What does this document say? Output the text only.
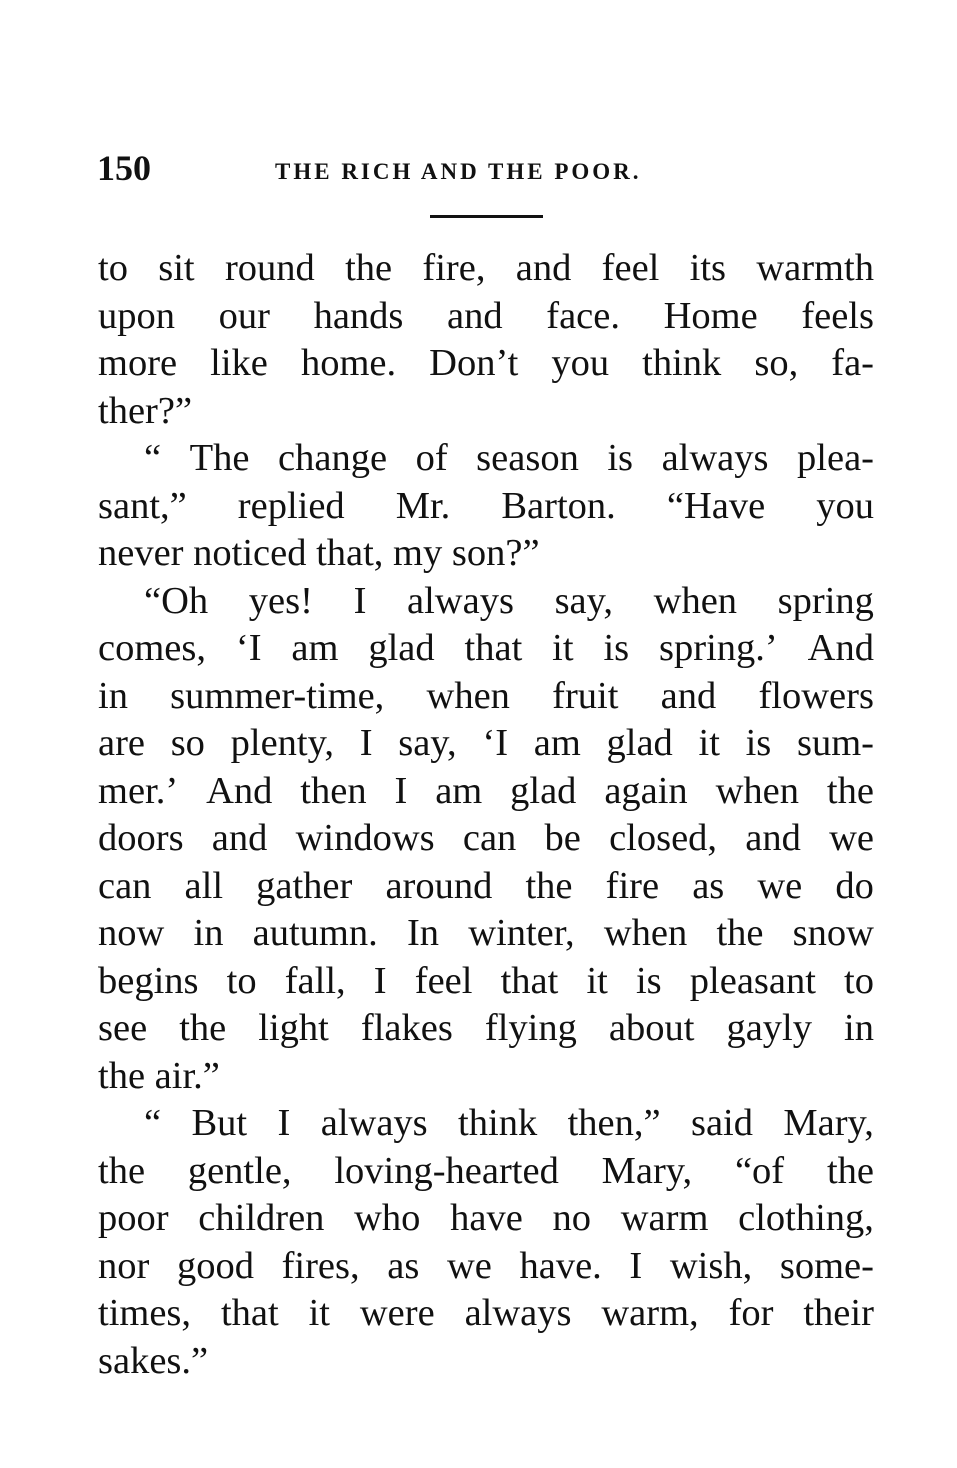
150	THE RICH AND THE POOR.
to sit round the fire, and feel its warmth
upon our hands and face. Home feels
more like home. Don’t you think so, fa-
ther?”
“ The change of season is always plea-
sant,” replied Mr. Barton. “Have you
never noticed that, my son?”
“Oh yes! I always say, when spring
comes, ‘I am glad that it is spring.’ And
in summer-time, when fruit and flowers
are so plenty, I say, ‘I am glad it is sum-
mer.’ And then I am glad again when the
doors and windows can be closed, and we
can all gather around the fire as we do
now in autumn. In winter, when the snow
begins to fall, I feel that it is pleasant to
see the light flakes flying about gayly in
the air.”
“ But I always think then,” said Mary,
the gentle, loving-hearted Mary, “of the
poor children who have no warm clothing,
nor good fires, as we have. I wish, some-
times, that it were always warm, for their
sakes.”
